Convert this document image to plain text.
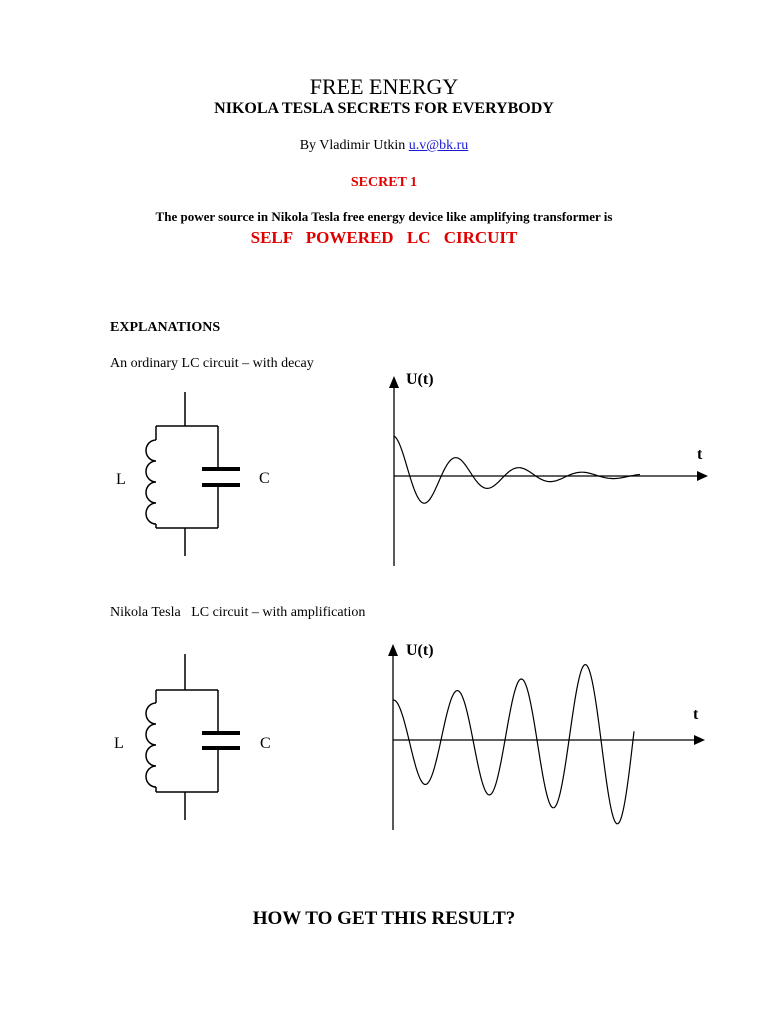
FREE ENERGY
NIKOLA TESLA SECRETS FOR EVERYBODY
By Vladimir Utkin u.v@bk.ru
SECRET 1
The power source in Nikola Tesla free energy device like amplifying transformer is
SELF POWERED LC CIRCUIT
EXPLANATIONS
An ordinary LC circuit – with decay
Nikola Tesla   LC circuit – with amplification
HOW TO GET THIS RESULT?
L	C
U(t)
t
L	C
U(t)
t
